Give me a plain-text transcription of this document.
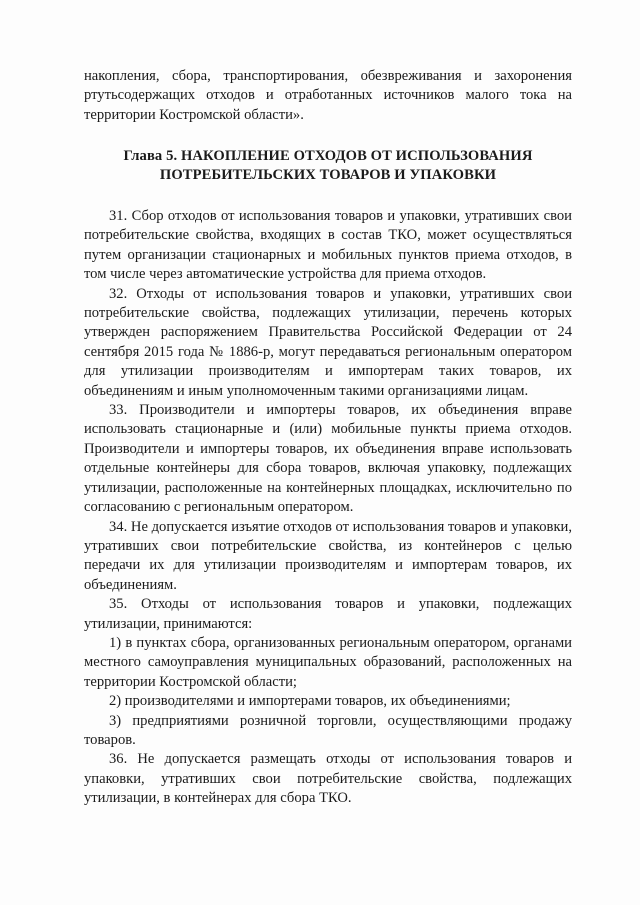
накопления, сбора, транспортирования, обезвреживания и захоронения ртутьсодержащих отходов и отработанных источников малого тока на территории Костромской области».

Глава 5. НАКОПЛЕНИЕ ОТХОДОВ ОТ ИСПОЛЬЗОВАНИЯ
ПОТРЕБИТЕЛЬСКИХ ТОВАРОВ И УПАКОВКИ

31. Сбор отходов от использования товаров и упаковки, утративших свои потребительские свойства, входящих в состав ТКО, может осуществляться путем организации стационарных и мобильных пунктов приема отходов, в том числе через автоматические устройства для приема отходов.

32. Отходы от использования товаров и упаковки, утративших свои потребительские свойства, подлежащих утилизации, перечень которых утвержден распоряжением Правительства Российской Федерации от 24 сентября 2015 года № 1886-р, могут передаваться региональным оператором для утилизации производителям и импортерам таких товаров, их объединениям и иным уполномоченным такими организациями лицам.

33. Производители и импортеры товаров, их объединения вправе использовать стационарные и (или) мобильные пункты приема отходов. Производители и импортеры товаров, их объединения вправе использовать отдельные контейнеры для сбора товаров, включая упаковку, подлежащих утилизации, расположенные на контейнерных площадках, исключительно по согласованию с региональным оператором.

34. Не допускается изъятие отходов от использования товаров и упаковки, утративших свои потребительские свойства, из контейнеров с целью передачи их для утилизации производителям и импортерам товаров, их объединениям.

35. Отходы от использования товаров и упаковки, подлежащих утилизации, принимаются:

1) в пунктах сбора, организованных региональным оператором, органами местного самоуправления муниципальных образований, расположенных на территории Костромской области;

2) производителями и импортерами товаров, их объединениями;

3) предприятиями розничной торговли, осуществляющими продажу товаров.

36. Не допускается размещать отходы от использования товаров и упаковки, утративших свои потребительские свойства, подлежащих утилизации, в контейнерах для сбора ТКО.
